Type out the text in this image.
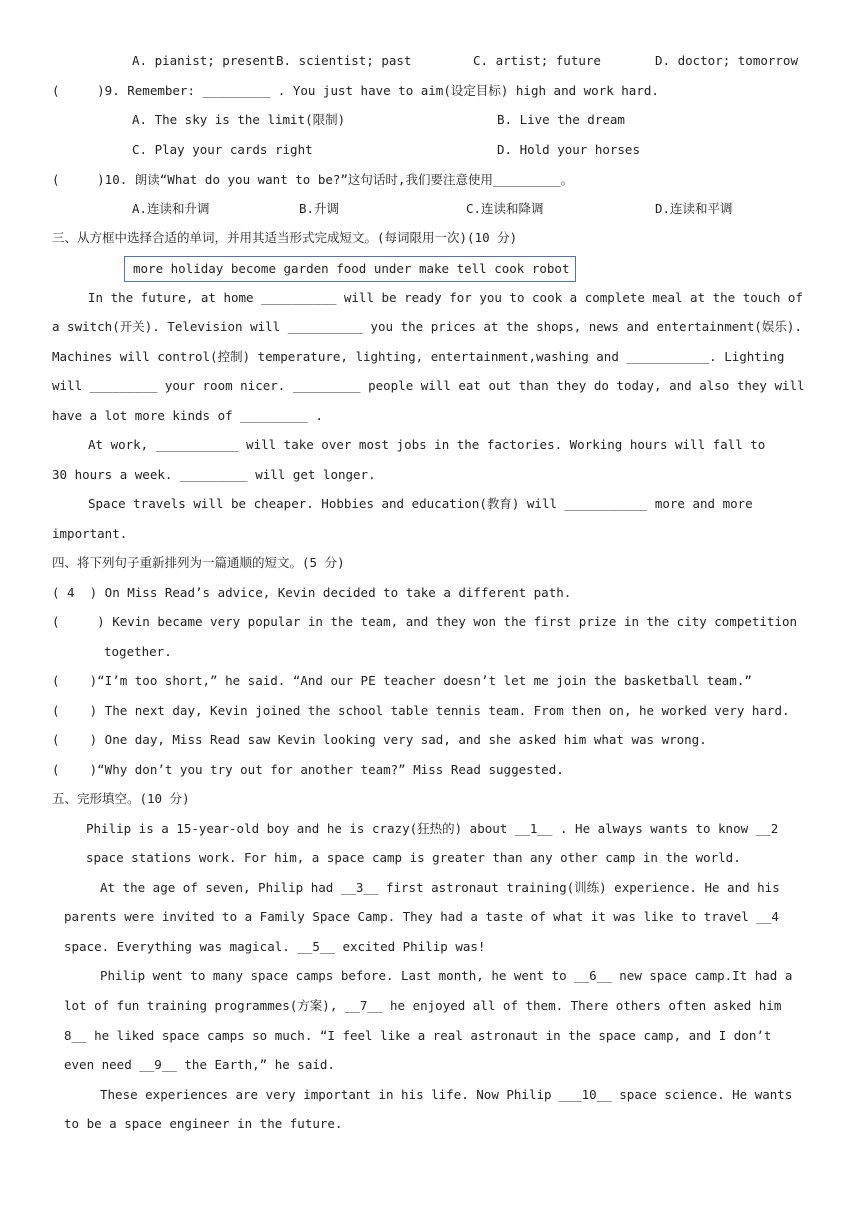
A. pianist; present B. scientist; past	C. artist; future	D. doctor; tomorrow
(     )9. Remember: _________ . You just have to aim(设定目标) high and work hard.
A. The sky is the limit(限制)	B. Live the dream
C. Play your cards right	D. Hold your horses
(     )10. 朗读“What do you want to be?”这句话时,我们要注意使用_________。
A.连读和升调	B.升调	C.连读和降调	D.连读和平调
三、从方框中选择合适的单词，并用其适当形式完成短文。(每词限用一次)(10 分)
more holiday become garden food under make tell cook robot
In the future, at home __________ will be ready for you to cook a complete meal at the touch of
a switch(开关). Television will __________ you the prices at the shops, news and entertainment(娱乐).
Machines will control(控制) temperature, lighting, entertainment,washing and ___________. Lighting
will _________ your room nicer. _________ people will eat out than they do today, and also they will
have a lot more kinds of _________ .
At work, ___________ will take over most jobs in the factories. Working hours will fall to
30 hours a week. _________ will get longer.
Space travels will be cheaper. Hobbies and education(教育) will ___________ more and more
important.
四、将下列句子重新排列为一篇通顺的短文。(5 分)
( 4  ) On Miss Read’s advice, Kevin decided to take a different path.
(     ) Kevin became very popular in the team, and they won the first prize in the city competition
together.
(    )“I’m too short,” he said. “And our PE teacher doesn’t let me join the basketball team.”
(    ) The next day, Kevin joined the school table tennis team. From then on, he worked very hard.
(    ) One day, Miss Read saw Kevin looking very sad, and she asked him what was wrong.
(    )“Why don’t you try out for another team?” Miss Read suggested.
五、完形填空。(10 分)
Philip is a 15-year-old boy and he is crazy(狂热的) about __1__ . He always wants to know __2
space stations work. For him, a space camp is greater than any other camp in the world.
At the age of seven, Philip had __3__ first astronaut training(训练) experience. He and his
parents were invited to a Family Space Camp. They had a taste of what it was like to travel __4
space. Everything was magical. __5__ excited Philip was!
Philip went to many space camps before. Last month, he went to __6__ new space camp.It had a
lot of fun training programmes(方案), __7__ he enjoyed all of them. There others often asked him
8__ he liked space camps so much. “I feel like a real astronaut in the space camp, and I don’t
even need __9__ the Earth,” he said.
These experiences are very important in his life. Now Philip ___10__ space science. He wants
to be a space engineer in the future.
